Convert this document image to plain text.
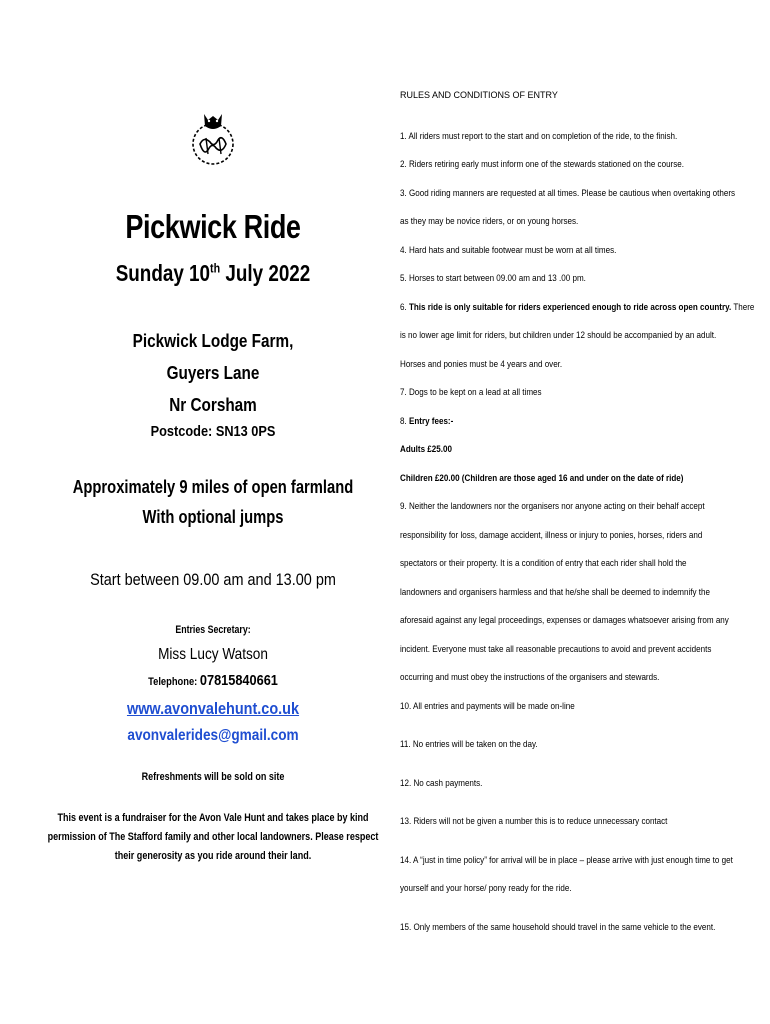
Pickwick Ride
Sunday 10th July 2022
Pickwick Lodge Farm,
Guyers Lane
Nr Corsham
Postcode: SN13 0PS
Approximately 9 miles of open farmland
With optional jumps
Start between 09.00 am and 13.00 pm
Entries Secretary:
Miss Lucy Watson
Telephone: 07815840661
www.avonvalehunt.co.uk
avonvalerides@gmail.com
Refreshments will be sold on site
This event is a fundraiser for the Avon Vale Hunt and takes place by kind permission of The Stafford family and other local landowners. Please respect their generosity as you ride around their land.
RULES AND CONDITIONS OF ENTRY

1. All riders must report to the start and on completion of the ride, to the finish.

2. Riders retiring early must inform one of the stewards stationed on the course.

3. Good riding manners are requested at all times. Please be cautious when overtaking others

as they may be novice riders, or on young horses.

4. Hard hats and suitable footwear must be worn at all times.

5. Horses to start between 09.00 am and 13 .00 pm.

6. This ride is only suitable for riders experienced enough to ride across open country. There

is no lower age limit for riders, but children under 12 should be accompanied by an adult.

Horses and ponies must be 4 years and over.

7. Dogs to be kept on a lead at all times

8. Entry fees:-

Adults £25.00

Children £20.00 (Children are those aged 16 and under on the date of ride)

9. Neither the landowners nor the organisers nor anyone acting on their behalf accept

responsibility for loss, damage accident, illness or injury to ponies, horses, riders and

spectators or their property. It is a condition of entry that each rider shall hold the

landowners and organisers harmless and that he/she shall be deemed to indemnify the

aforesaid against any legal proceedings, expenses or damages whatsoever arising from any

incident. Everyone must take all reasonable precautions to avoid and prevent accidents

occurring and must obey the instructions of the organisers and stewards.

10. All entries and payments will be made on-line

11. No entries will be taken on the day.

12. No cash payments.

13. Riders will not be given a number this is to reduce unnecessary contact

14. A “just in time policy” for arrival will be in place – please arrive with just enough time to get

yourself and your horse/ pony ready for the ride.

15. Only members of the same household should travel in the same vehicle to the event.
